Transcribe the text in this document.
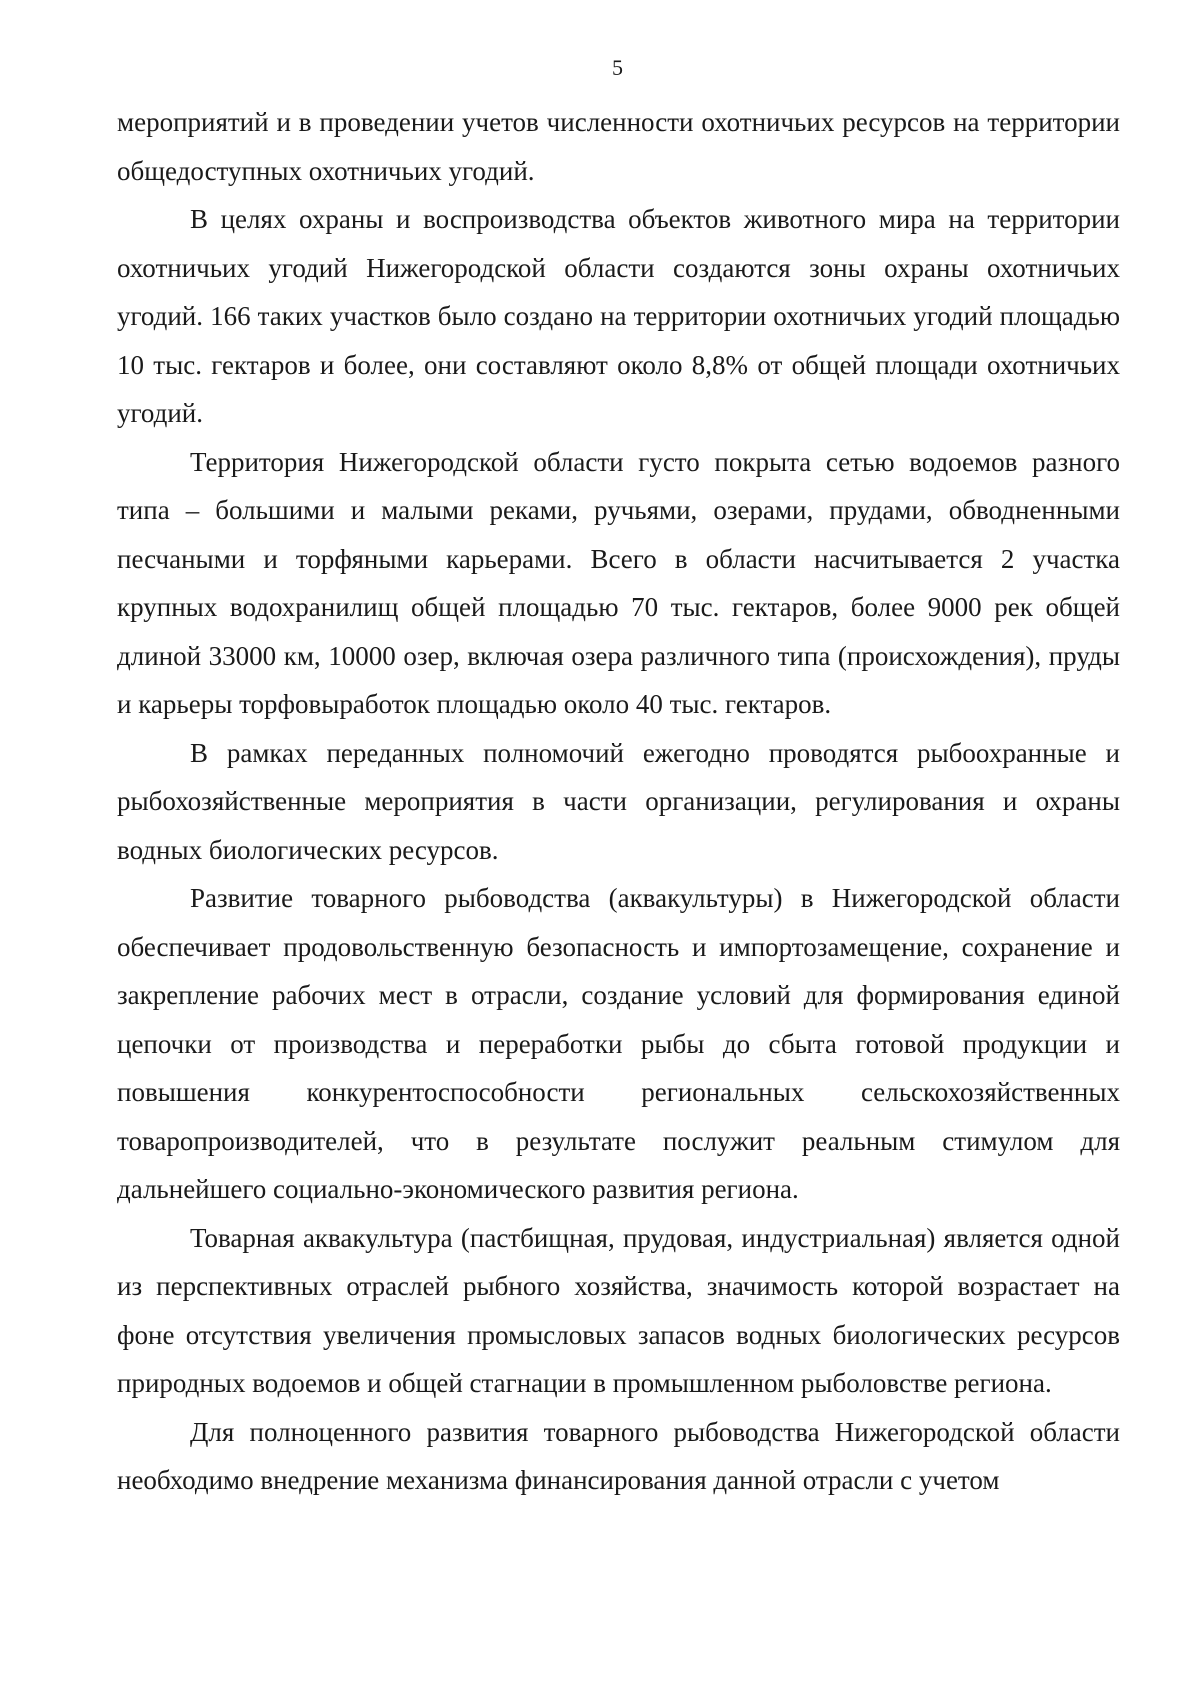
5

мероприятий и в проведении учетов численности охотничьих ресурсов на территории общедоступных охотничьих угодий.

В целях охраны и воспроизводства объектов животного мира на территории охотничьих угодий Нижегородской области создаются зоны охраны охотничьих угодий. 166 таких участков было создано на территории охотничьих угодий площадью 10 тыс. гектаров и более, они составляют около 8,8% от общей площади охотничьих угодий.

Территория Нижегородской области густо покрыта сетью водоемов разного типа – большими и малыми реками, ручьями, озерами, прудами, обводненными песчаными и торфяными карьерами. Всего в области насчитывается 2 участка крупных водохранилищ общей площадью 70 тыс. гектаров, более 9000 рек общей длиной 33000 км, 10000 озер, включая озера различного типа (происхождения), пруды и карьеры торфовыработок площадью около 40 тыс. гектаров.

В рамках переданных полномочий ежегодно проводятся рыбоохранные и рыбохозяйственные мероприятия в части организации, регулирования и охраны водных биологических ресурсов.

Развитие товарного рыбоводства (аквакультуры) в Нижегородской области обеспечивает продовольственную безопасность и импортозамещение, сохранение и закрепление рабочих мест в отрасли, создание условий для формирования единой цепочки от производства и переработки рыбы до сбыта готовой продукции и повышения конкурентоспособности региональных сельскохозяйственных товаропроизводителей, что в результате послужит реальным стимулом для дальнейшего социально-экономического развития региона.

Товарная аквакультура (пастбищная, прудовая, индустриальная) является одной из перспективных отраслей рыбного хозяйства, значимость которой возрастает на фоне отсутствия увеличения промысловых запасов водных биологических ресурсов природных водоемов и общей стагнации в промышленном рыболовстве региона.

Для полноценного развития товарного рыбоводства Нижегородской области необходимо внедрение механизма финансирования данной отрасли с учетом
